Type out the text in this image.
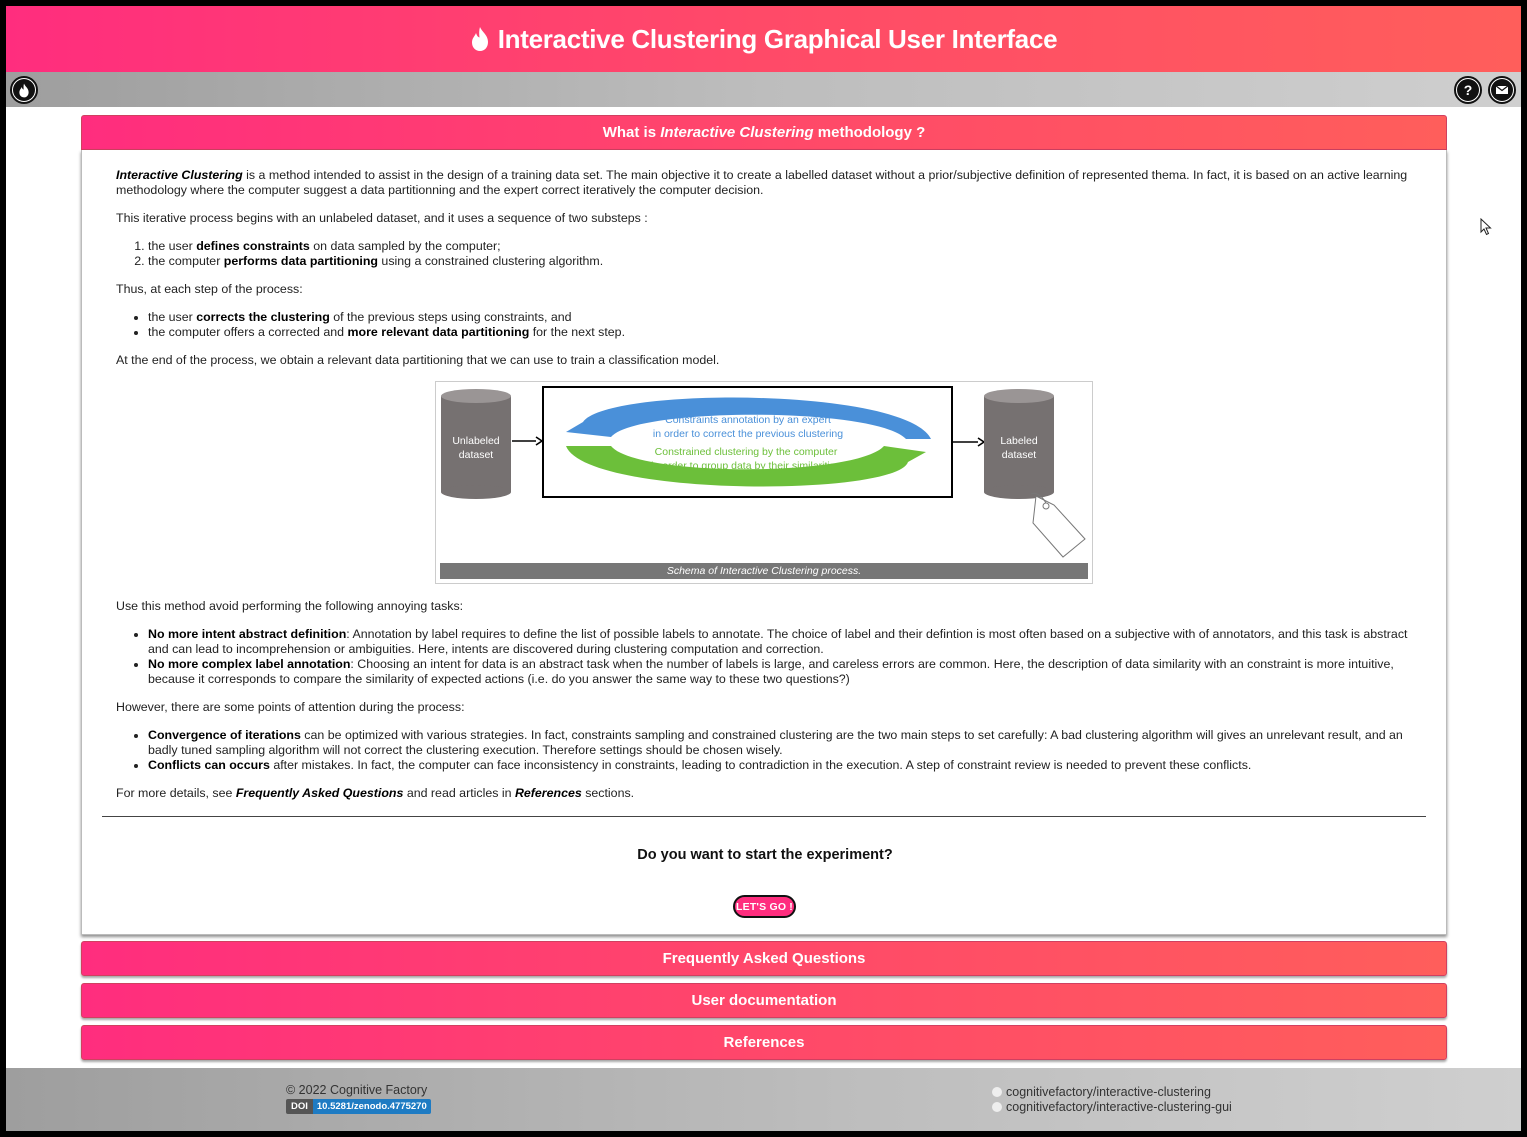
Interactive Clustering Graphical User Interface
?
What is Interactive Clustering methodology ?

Interactive Clustering is a method intended to assist in the design of a training data set. The main objective it to create a labelled dataset without a prior/subjective definition of represented thema. In fact, it is based on an active learning methodology where the computer suggest a data partitionning and the expert correct iteratively the computer decision.

This iterative process begins with an unlabeled dataset, and it uses a sequence of two substeps :

1. the user defines constraints on data sampled by the computer;
2. the computer performs data partitioning using a constrained clustering algorithm.

Thus, at each step of the process:

• the user corrects the clustering of the previous steps using constraints, and
• the computer offers a corrected and more relevant data partitioning for the next step.

At the end of the process, we obtain a relevant data partitioning that we can use to train a classification model.

Unlabeled
dataset
Constraints annotation by an expert
in order to correct the previous clustering
Constrained clustering by the computer
in order to group data by their similarities
Labeled
dataset
Schema of Interactive Clustering process.

Use this method avoid performing the following annoying tasks:

• No more intent abstract definition: Annotation by label requires to define the list of possible labels to annotate. The choice of label and their defintion is most often based on a subjective with of annotators, and this task is abstract and can lead to incomprehension or ambiguities. Here, intents are discovered during clustering computation and correction.
• No more complex label annotation: Choosing an intent for data is an abstract task when the number of labels is large, and careless errors are common. Here, the description of data similarity with an constraint is more intuitive, because it corresponds to compare the similarity of expected actions (i.e. do you answer the same way to these two questions?)

However, there are some points of attention during the process:

• Convergence of iterations can be optimized with various strategies. In fact, constraints sampling and constrained clustering are the two main steps to set carefully: A bad clustering algorithm will gives an unrelevant result, and an badly tuned sampling algorithm will not correct the clustering execution. Therefore settings should be chosen wisely.
• Conflicts can occurs after mistakes. In fact, the computer can face inconsistency in constraints, leading to contradiction in the execution. A step of constraint review is needed to prevent these conflicts.

For more details, see Frequently Asked Questions and read articles in References sections.

Do you want to start the experiment?
LET'S GO !
Frequently Asked Questions
User documentation
References
© 2022 Cognitive Factory
DOI 10.5281/zenodo.4775270
cognitivefactory/interactive-clustering
cognitivefactory/interactive-clustering-gui
